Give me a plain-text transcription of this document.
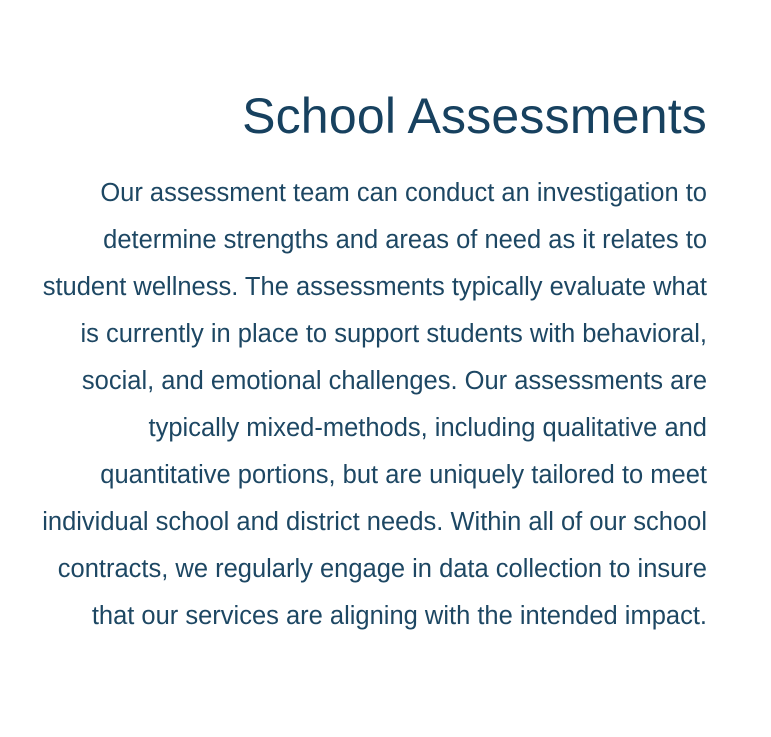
School Assessments

Our assessment team can conduct an investigation to determine strengths and areas of need as it relates to student wellness. The assessments typically evaluate what is currently in place to support students with behavioral, social, and emotional challenges. Our assessments are typically mixed-methods, including qualitative and quantitative portions, but are uniquely tailored to meet individual school and district needs. Within all of our school contracts, we regularly engage in data collection to insure that our services are aligning with the intended impact.
